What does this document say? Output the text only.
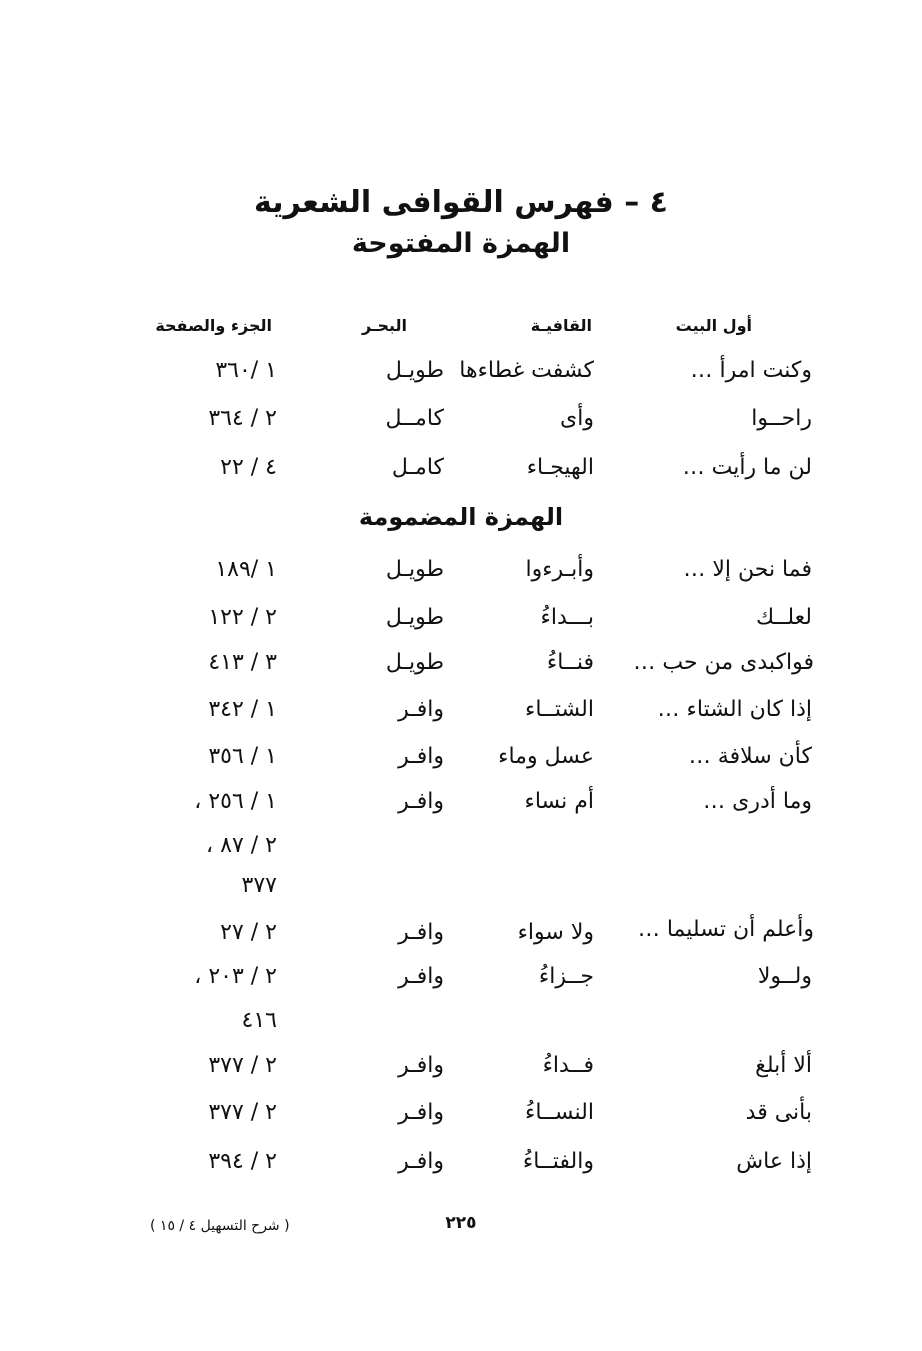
٤ – فهرس القوافى الشعرية
الهمزة المفتوحة
أول البيت
القافيـة
البحـر
الجزء والصفحة
وكنت امرأ …
كشفت غطاءها
طويـل
١ /٣٦٠
راحــوا
وأى
كامــل
٢ / ٣٦٤
لن ما رأيت …
الهيجـاء
كامـل
٤ / ٢٢
الهمزة المضمومة
فما نحن إلا …
وأبـرءوا
طويـل
١ /١٨٩
لعلــك
بـــداءُ
طويـل
٢ / ١٢٢
فواكبدى من حب …
فنــاءُ
طويـل
٣ / ٤١٣
إذا كان الشتاء …
الشتــاء
وافـر
١ / ٣٤٢
كأن سلافة …
عسل وماء
وافـر
١ / ٣٥٦
وما أدرى …
أم نساء
وافـر
١ / ٢٥٦ ،
٢ / ٨٧ ،
٣٧٧
وأعلم أن تسليما …
ولا سواء
وافـر
٢ / ٢٧
ولــولا
جــزاءُ
وافـر
٢ / ٢٠٣ ،
٤١٦
ألا أبلغ
فــداءُ
وافـر
٢ / ٣٧٧
بأنى قد
النســاءُ
وافـر
٢ / ٣٧٧
إذا عاش
والفتــاءُ
وافـر
٢ / ٣٩٤
٢٢٥
( شرح التسهيل ٤ / ١٥ )
